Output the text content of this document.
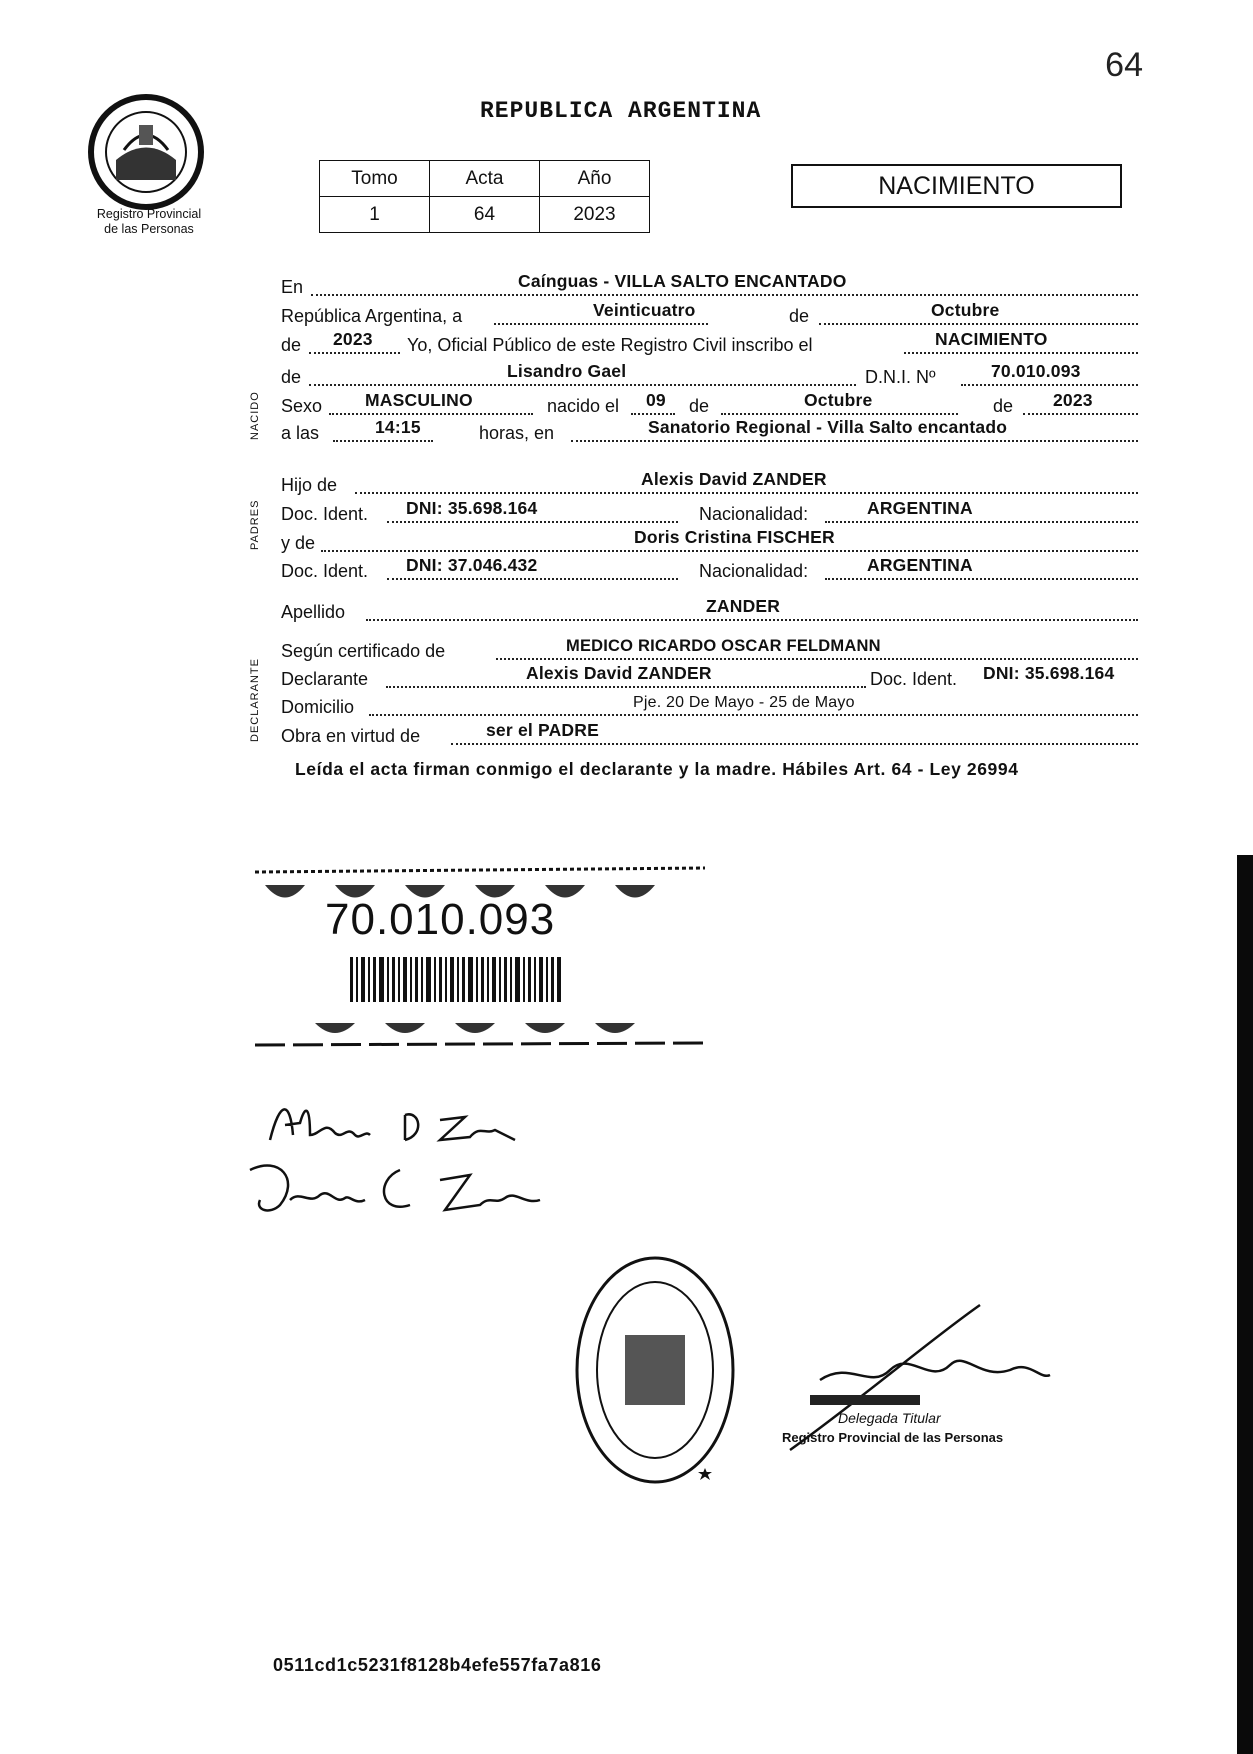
64
Registro Provincial
de las Personas
REPUBLICA ARGENTINA
Tomo	Acta	Año
1	64	2023
NACIMIENTO
NACIDO
PADRES
DECLARANTE
En	Caínguas - VILLA SALTO ENCANTADO
República Argentina, a	Veinticuatro	de	Octubre
de 2023 Yo, Oficial Público de este Registro Civil inscribo el	NACIMIENTO
de	Lisandro Gael	D.N.I. Nº	70.010.093
Sexo MASCULINO	nacido el 09 de	Octubre	de 2023
a las	14:15	horas, en	Sanatorio Regional - Villa Salto encantado
Hijo de	Alexis David ZANDER
Doc. Ident. DNI: 35.698.164	Nacionalidad:	ARGENTINA
y de	Doris Cristina FISCHER
Doc. Ident. DNI: 37.046.432	Nacionalidad:	ARGENTINA
Apellido	ZANDER
Según certificado de	MEDICO RICARDO OSCAR FELDMANN
Declarante	Alexis David ZANDER	Doc. Ident. DNI: 35.698.164
Domicilio	Pje. 20 De Mayo - 25 de Mayo
Obra en virtud de	ser el PADRE
Leída el acta firman conmigo el declarante y la madre. Hábiles Art. 64 - Ley 26994
70.010.093
Delegada Titular
Registro Provincial de las Personas
0511cd1c5231f8128b4efe557fa7a816
